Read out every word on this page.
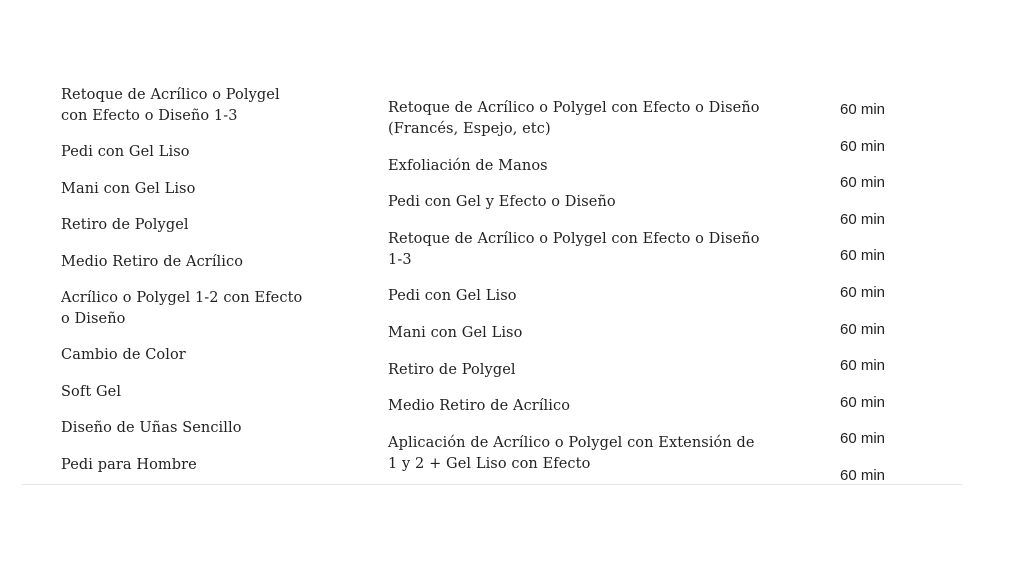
Retoque de Acrílico o Polygel con Efecto o Diseño 1-3
Pedi con Gel Liso
Mani con Gel Liso
Retiro de Polygel
Medio Retiro de Acrílico
Acrílico o Polygel 1-2 con Efecto o Diseño
Cambio de Color
Soft Gel
Diseño de Uñas Sencillo
Pedi para Hombre
Retoque de Acrílico o Polygel con Efecto o Diseño (Francés, Espejo, etc)
Exfoliación de Manos
Pedi con Gel y Efecto o Diseño
Retoque de Acrílico o Polygel con Efecto o Diseño 1-3
Pedi con Gel Liso
Mani con Gel Liso
Retiro de Polygel
Medio Retiro de Acrílico
Aplicación de Acrílico o Polygel con Extensión de 1 y 2 + Gel Liso con Efecto
60 min
60 min
60 min
60 min
60 min
60 min
60 min
60 min
60 min
60 min
60 min
